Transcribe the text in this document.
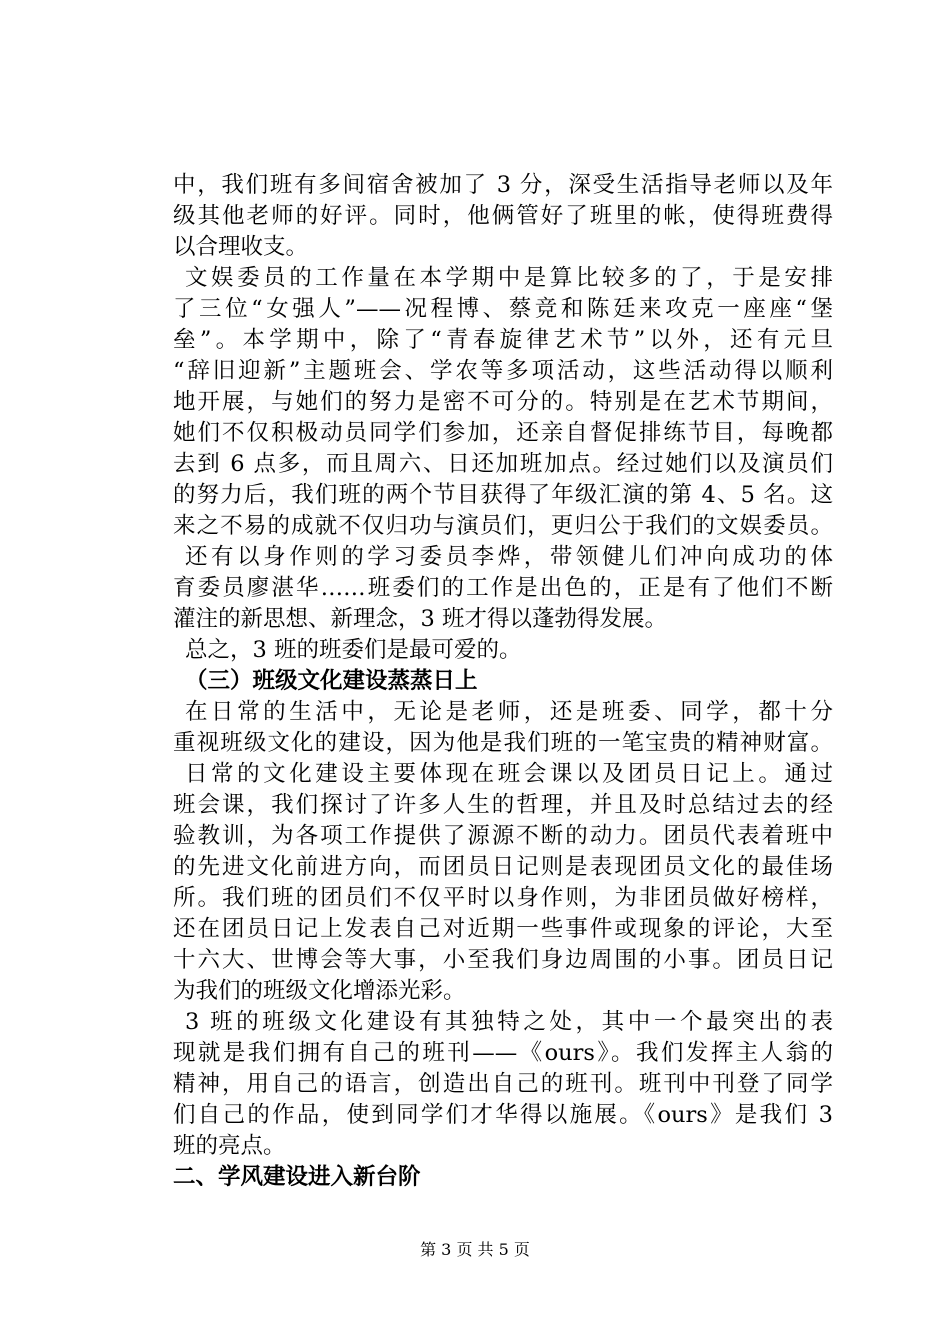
中，我们班有多间宿舍被加了 3 分，深受生活指导老师以及年
级其他老师的好评。同时，他俩管好了班里的帐，使得班费得
以合理收支。
文娱委员的工作量在本学期中是算比较多的了，于是安排
了三位“女强人”——况程博、蔡竞和陈廷来攻克一座座“堡
垒”。本学期中，除了“青春旋律艺术节”以外，还有元旦
“辞旧迎新”主题班会、学农等多项活动，这些活动得以顺利
地开展，与她们的努力是密不可分的。特别是在艺术节期间，
她们不仅积极动员同学们参加，还亲自督促排练节目，每晚都
去到 6 点多，而且周六、日还加班加点。经过她们以及演员们
的努力后，我们班的两个节目获得了年级汇演的第 4、5 名。这
来之不易的成就不仅归功与演员们，更归公于我们的文娱委员。
还有以身作则的学习委员李烨，带领健儿们冲向成功的体
育委员廖湛华……班委们的工作是出色的，正是有了他们不断
灌注的新思想、新理念，3 班才得以蓬勃得发展。
总之，3 班的班委们是最可爱的。
（三）班级文化建设蒸蒸日上
在日常的生活中，无论是老师，还是班委、同学，都十分
重视班级文化的建设，因为他是我们班的一笔宝贵的精神财富。
日常的文化建设主要体现在班会课以及团员日记上。通过
班会课，我们探讨了许多人生的哲理，并且及时总结过去的经
验教训，为各项工作提供了源源不断的动力。团员代表着班中
的先进文化前进方向，而团员日记则是表现团员文化的最佳场
所。我们班的团员们不仅平时以身作则，为非团员做好榜样，
还在团员日记上发表自己对近期一些事件或现象的评论，大至
十六大、世博会等大事，小至我们身边周围的小事。团员日记
为我们的班级文化增添光彩。
3 班的班级文化建设有其独特之处，其中一个最突出的表
现就是我们拥有自己的班刊——《ours》。我们发挥主人翁的
精神，用自己的语言，创造出自己的班刊。班刊中刊登了同学
们自己的作品，使到同学们才华得以施展。《ours》是我们 3
班的亮点。
二、学风建设进入新台阶
第 3 页 共 5 页
